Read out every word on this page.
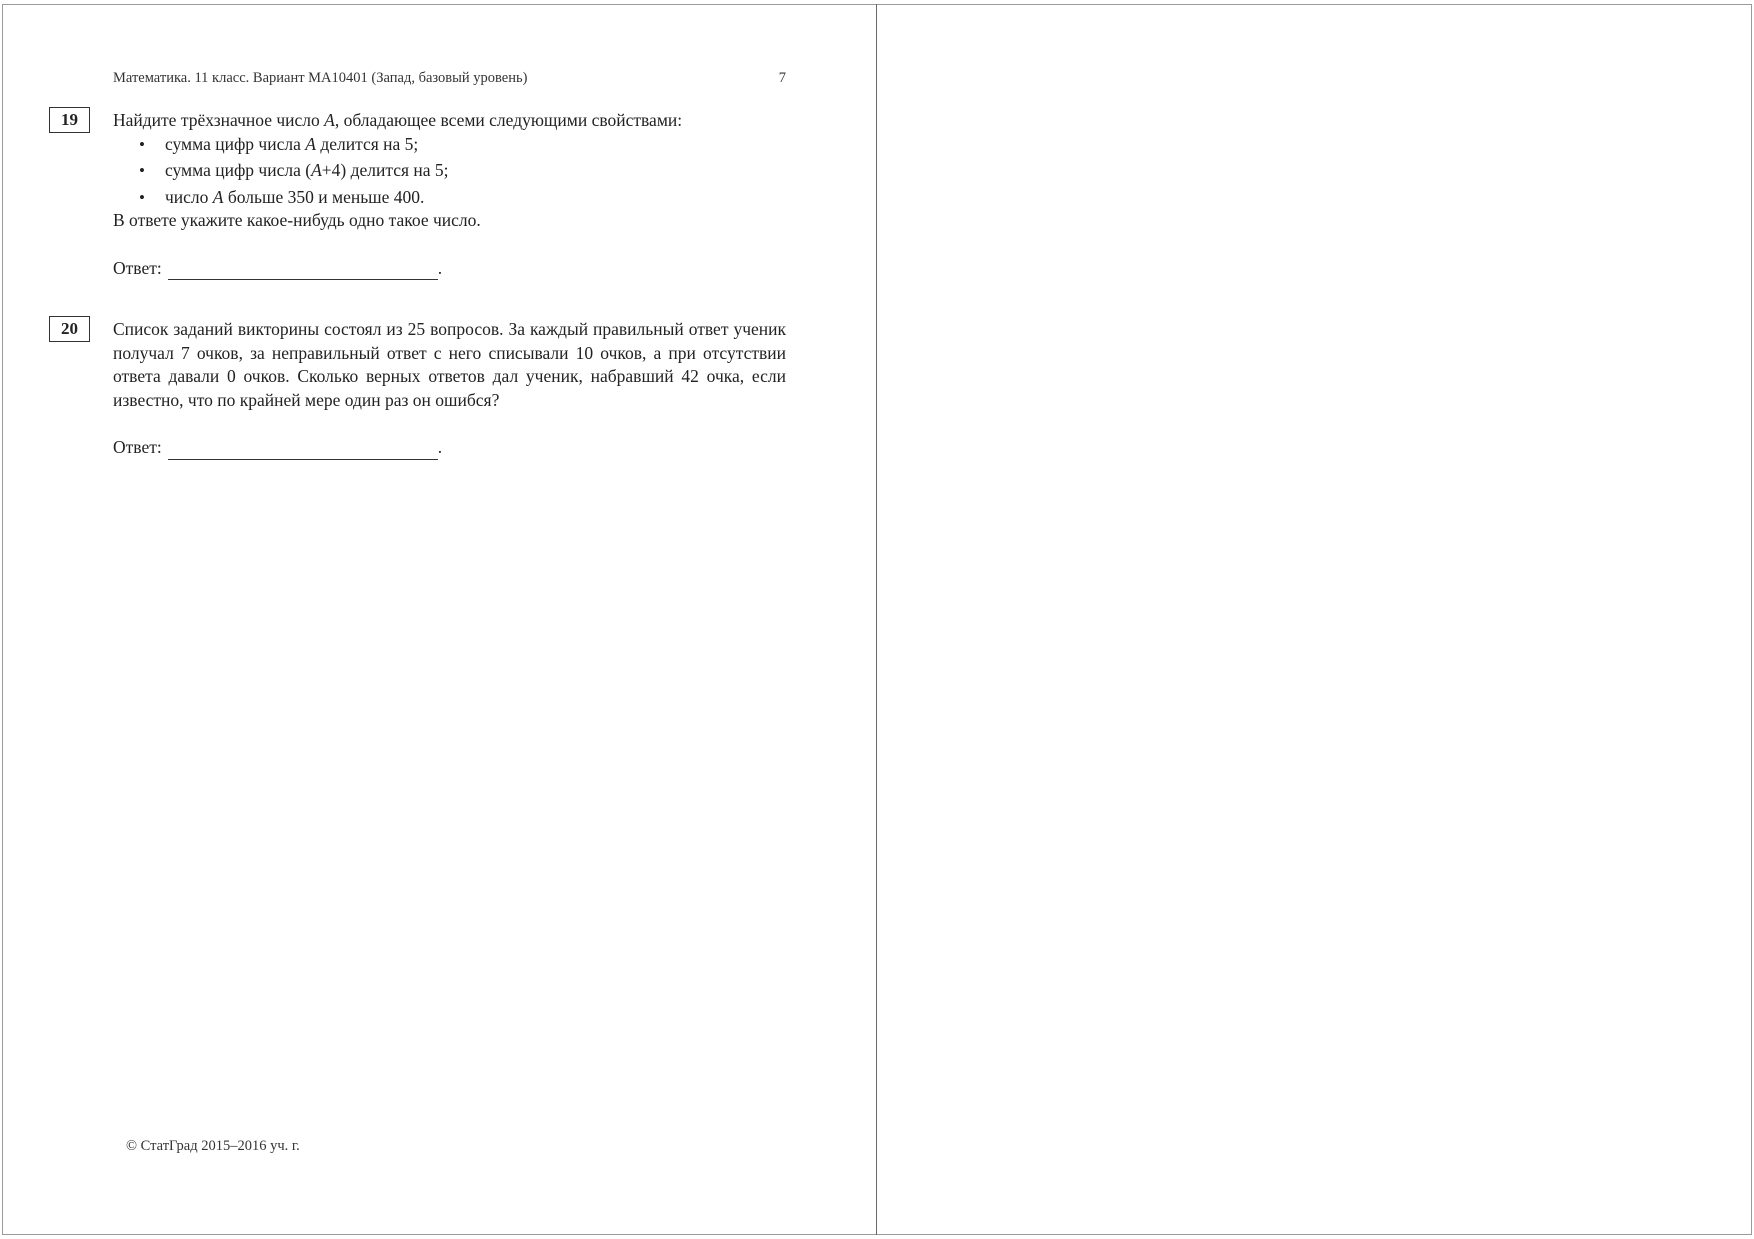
Математика. 11 класс. Вариант МА10401 (Запад, базовый уровень)	7
19	Найдите трёхзначное число A, обладающее всеми следующими свойствами:

• сумма цифр числа A делится на 5;
• сумма цифр числа (A+4) делится на 5;
• число A больше 350 и меньше 400.

В ответе укажите какое-нибудь одно такое число.

Ответ:	.
20	Список заданий викторины состоял из 25 вопросов. За каждый правильный ответ ученик получал 7 очков, за неправильный ответ с него списывали 10 очков, а при отсутствии ответа давали 0 очков. Сколько верных ответов дал ученик, набравший 42 очка, если известно, что по крайней мере один раз он ошибся?

Ответ:	.
© СтатГрад 2015–2016 уч. г.
